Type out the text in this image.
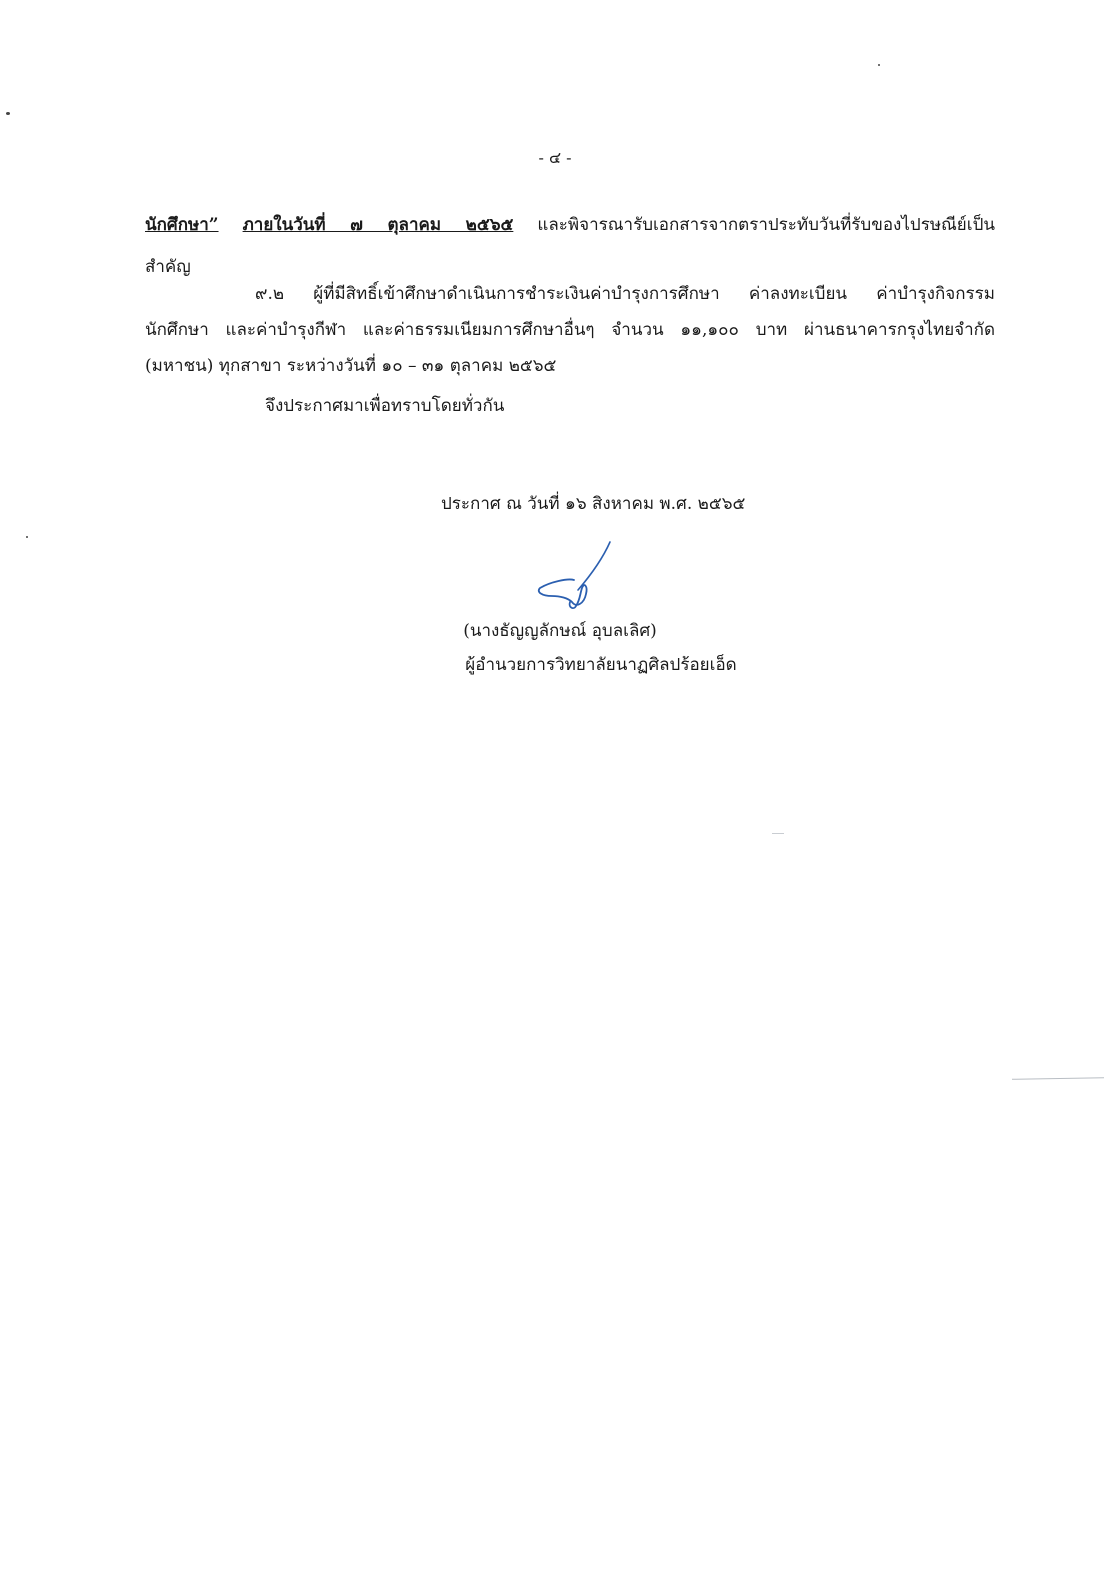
- ๔ -
นักศึกษา” ภายในวันที่ ๗ ตุลาคม ๒๕๖๕ และพิจารณารับเอกสารจากตราประทับวันที่รับของไปรษณีย์เป็น
สำคัญ
๙.๒ ผู้ที่มีสิทธิ์เข้าศึกษาดำเนินการชำระเงินค่าบำรุงการศึกษา ค่าลงทะเบียน ค่าบำรุงกิจกรรม
นักศึกษา และค่าบำรุงกีฬา และค่าธรรมเนียมการศึกษาอื่นๆ จำนวน ๑๑,๑๐๐ บาท ผ่านธนาคารกรุงไทยจำกัด
(มหาชน) ทุกสาขา ระหว่างวันที่ ๑๐ – ๓๑ ตุลาคม ๒๕๖๕
จึงประกาศมาเพื่อทราบโดยทั่วกัน
ประกาศ ณ วันที่ ๑๖ สิงหาคม พ.ศ. ๒๕๖๕
(นางธัญญลักษณ์ อุบลเลิศ)
ผู้อำนวยการวิทยาลัยนาฏศิลปร้อยเอ็ด
